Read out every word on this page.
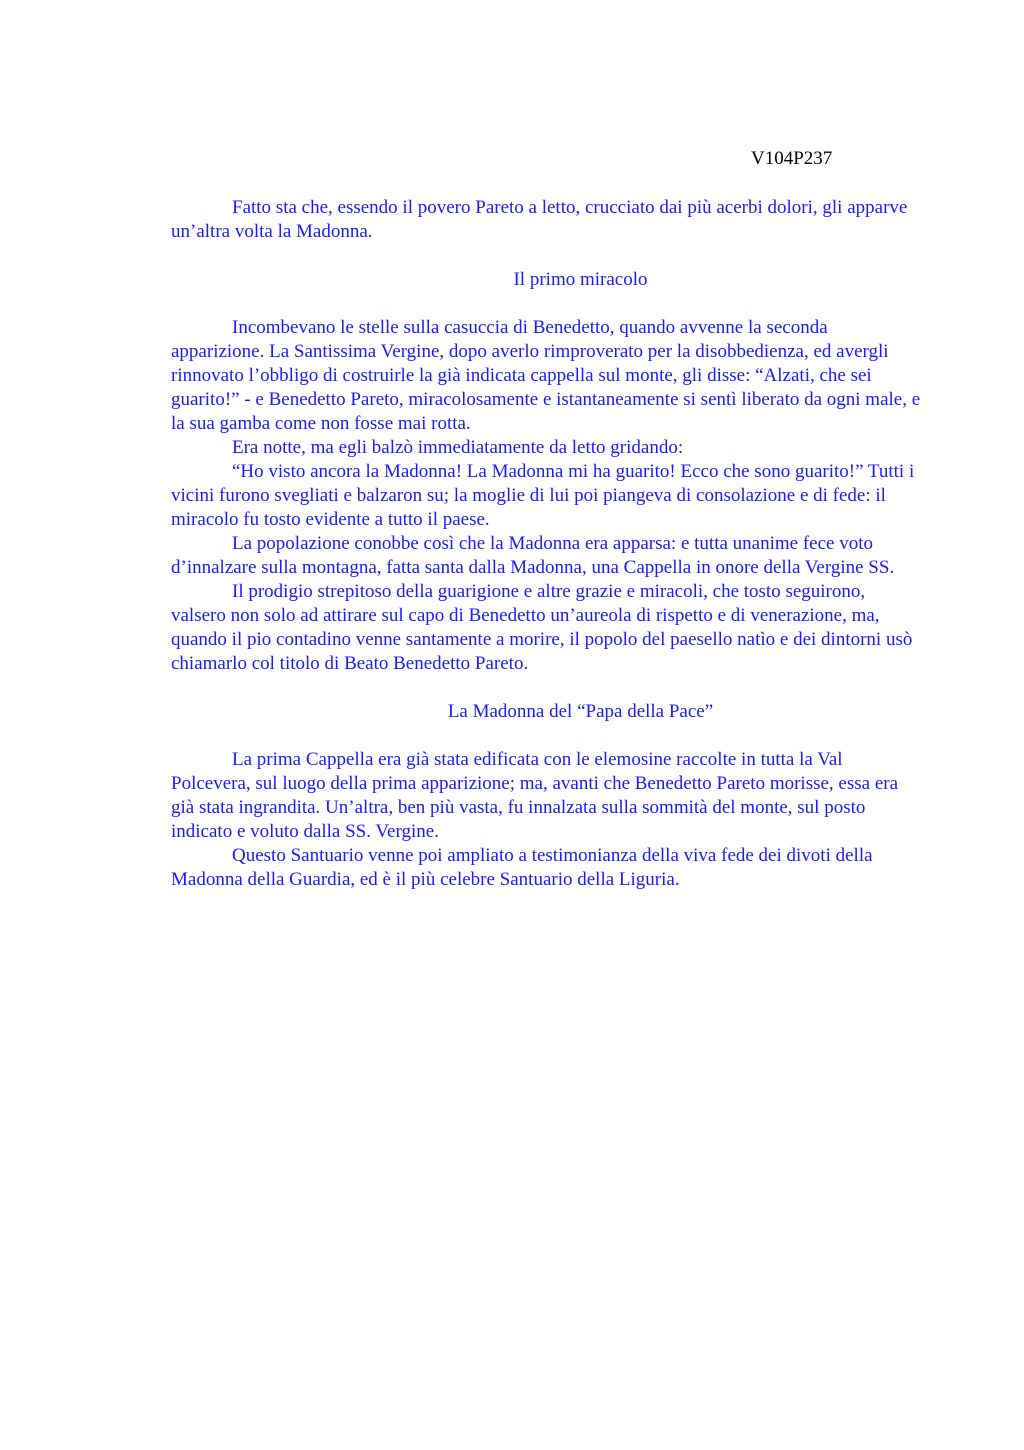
V104P237

Fatto sta che, essendo il povero Pareto a letto, crucciato dai più acerbi dolori, gli apparve un’altra volta la Madonna.

Il primo miracolo

Incombevano le stelle sulla casuccia di Benedetto, quando avvenne la seconda apparizione. La Santissima Vergine, dopo averlo rimproverato per la disobbedienza, ed avergli rinnovato l’obbligo di costruirle la già indicata cappella sul monte, gli disse: “Alzati, che sei guarito!” - e Benedetto Pareto, miracolosamente e istantaneamente si sentì liberato da ogni male, e la sua gamba come non fosse mai rotta.

Era notte, ma egli balzò immediatamente da letto gridando:

“Ho visto ancora la Madonna! La Madonna mi ha guarito! Ecco che sono guarito!” Tutti i vicini furono svegliati e balzaron su; la moglie di lui poi piangeva di consolazione e di fede: il miracolo fu tosto evidente a tutto il paese.

La popolazione conobbe così che la Madonna era apparsa: e tutta unanime fece voto d’innalzare sulla montagna, fatta santa dalla Madonna, una Cappella in onore della Vergine SS.

Il prodigio strepitoso della guarigione e altre grazie e miracoli, che tosto seguirono, valsero non solo ad attirare sul capo di Benedetto un’aureola di rispetto e di venerazione, ma, quando il pio contadino venne santamente a morire, il popolo del paesello natìo e dei dintorni usò chiamarlo col titolo di Beato Benedetto Pareto.

La Madonna del “Papa della Pace”

La prima Cappella era già stata edificata con le elemosine raccolte in tutta la Val Polcevera, sul luogo della prima apparizione; ma, avanti che Benedetto Pareto morisse, essa era già stata ingrandita. Un’altra, ben più vasta, fu innalzata sulla sommità del monte, sul posto indicato e voluto dalla SS. Vergine.

Questo Santuario venne poi ampliato a testimonianza della viva fede dei divoti della Madonna della Guardia, ed è il più celebre Santuario della Liguria.
